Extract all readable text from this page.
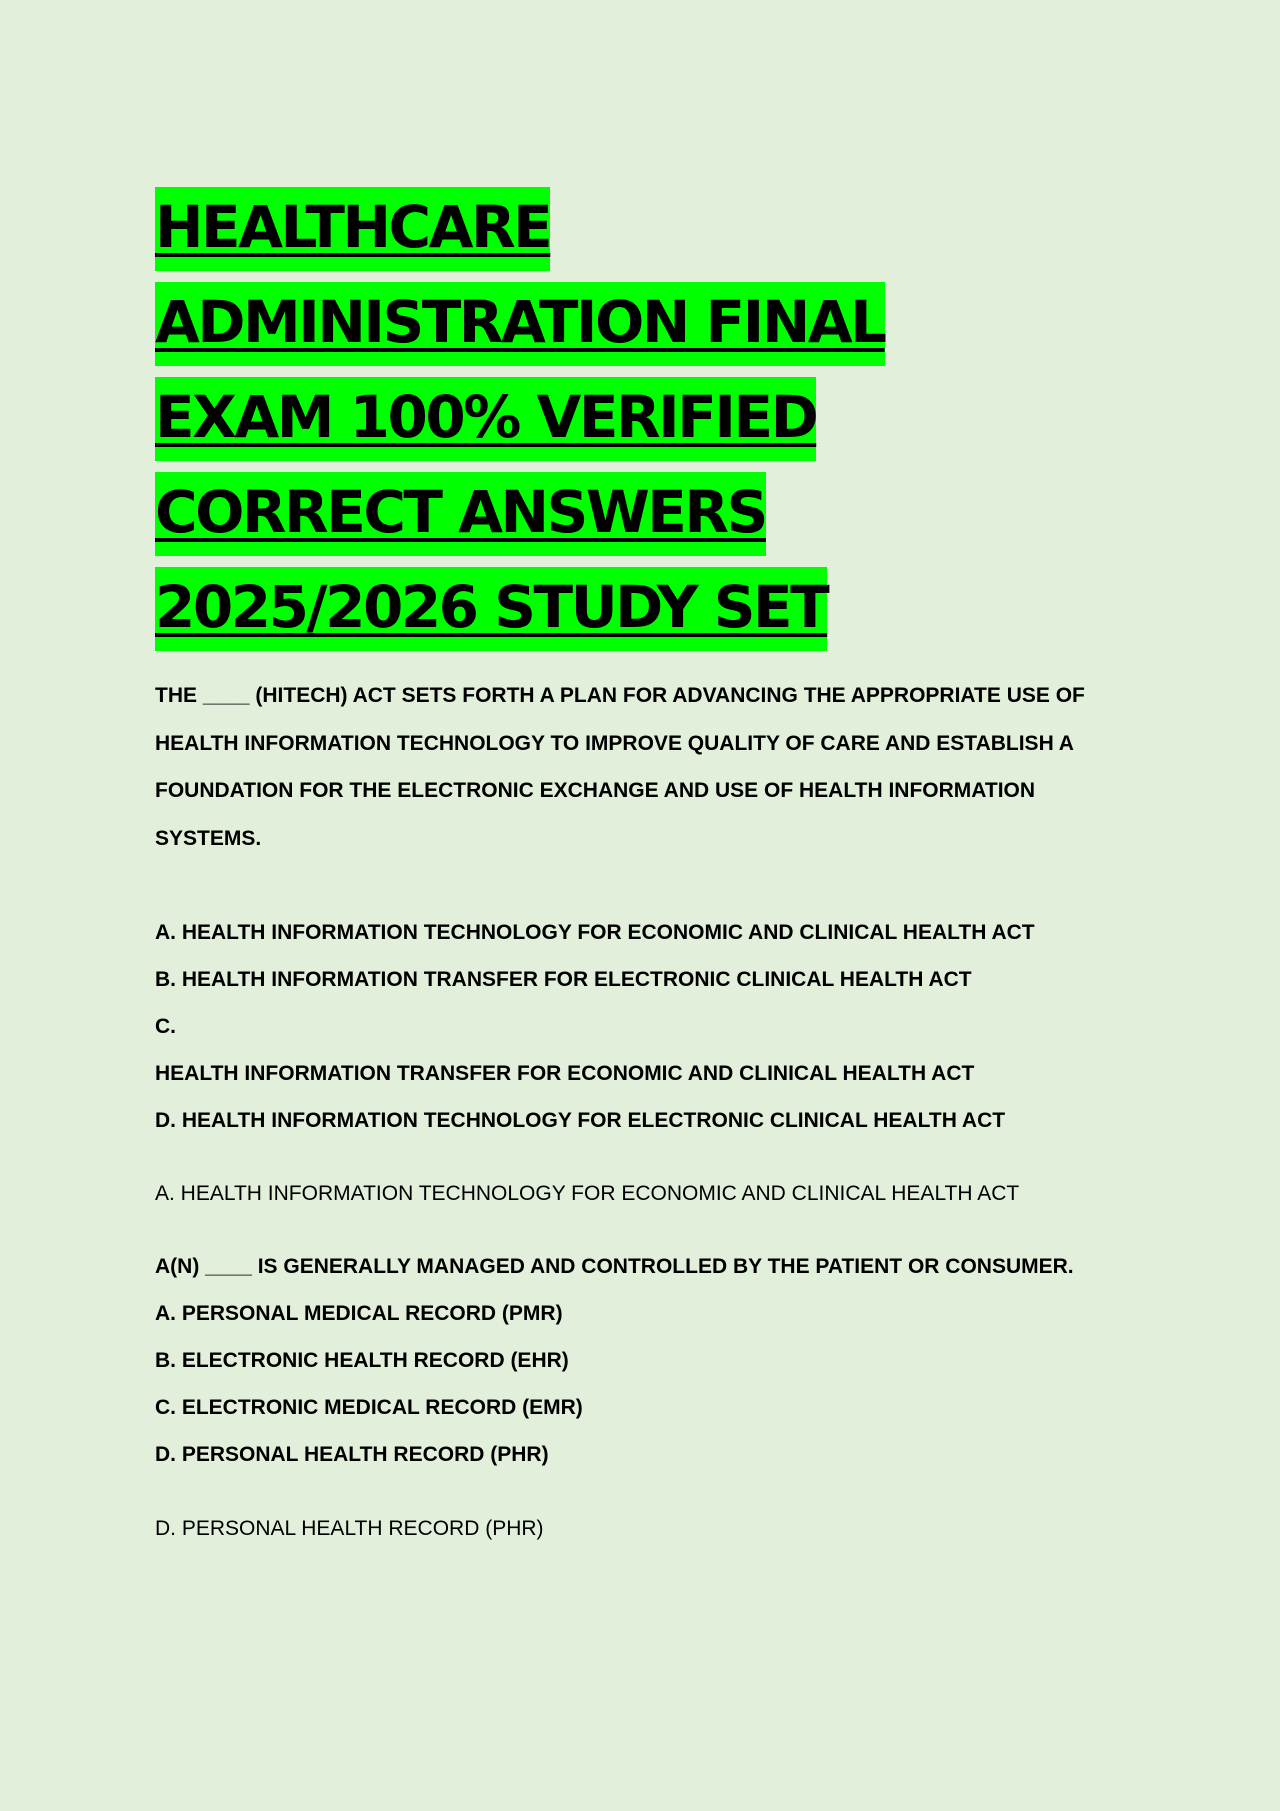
HEALTHCARE
ADMINISTRATION FINAL
EXAM 100% VERIFIED
CORRECT ANSWERS
2025/2026 STUDY SET

THE ____ (HITECH) ACT SETS FORTH A PLAN FOR ADVANCING THE APPROPRIATE USE OF HEALTH INFORMATION TECHNOLOGY TO IMPROVE QUALITY OF CARE AND ESTABLISH A FOUNDATION FOR THE ELECTRONIC EXCHANGE AND USE OF HEALTH INFORMATION SYSTEMS.

A. HEALTH INFORMATION TECHNOLOGY FOR ECONOMIC AND CLINICAL HEALTH ACT

B. HEALTH INFORMATION TRANSFER FOR ELECTRONIC CLINICAL HEALTH ACT

C.

HEALTH INFORMATION TRANSFER FOR ECONOMIC AND CLINICAL HEALTH ACT

D. HEALTH INFORMATION TECHNOLOGY FOR ELECTRONIC CLINICAL HEALTH ACT

A. HEALTH INFORMATION TECHNOLOGY FOR ECONOMIC AND CLINICAL HEALTH ACT

A(N) ____ IS GENERALLY MANAGED AND CONTROLLED BY THE PATIENT OR CONSUMER.

A. PERSONAL MEDICAL RECORD (PMR)

B. ELECTRONIC HEALTH RECORD (EHR)

C. ELECTRONIC MEDICAL RECORD (EMR)

D. PERSONAL HEALTH RECORD (PHR)

D. PERSONAL HEALTH RECORD (PHR)
